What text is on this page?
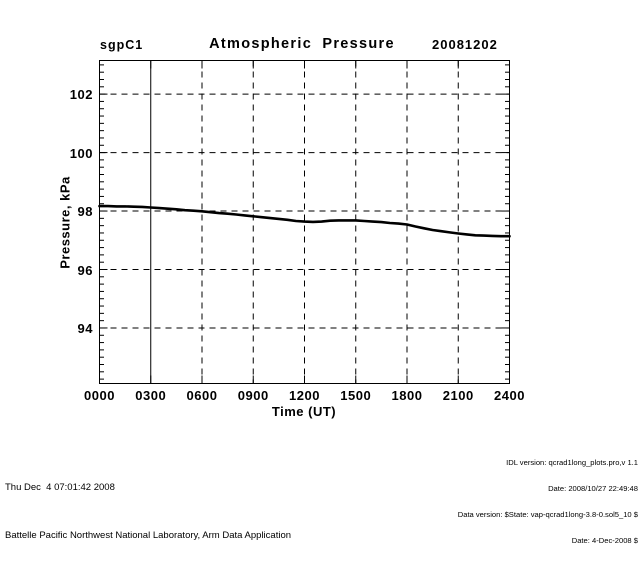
sgpC1	Atmospheric Pressure	20081202
0000	0300	0600	0900	1200	1500	1800	2100	2400
94
96
98
100
102
Time (UT)
Pressure, kPa

Thu Dec  4 07:01:42 2008

Battelle Pacific Northwest National Laboratory, Arm Data Application

IDL version: qcrad1long_plots.pro,v 1.1

Date: 2008/10/27 22:49:48

Data version: $State: vap-qcrad1long-3.8-0.sol5_10 $

Date: 4-Dec-2008 $
